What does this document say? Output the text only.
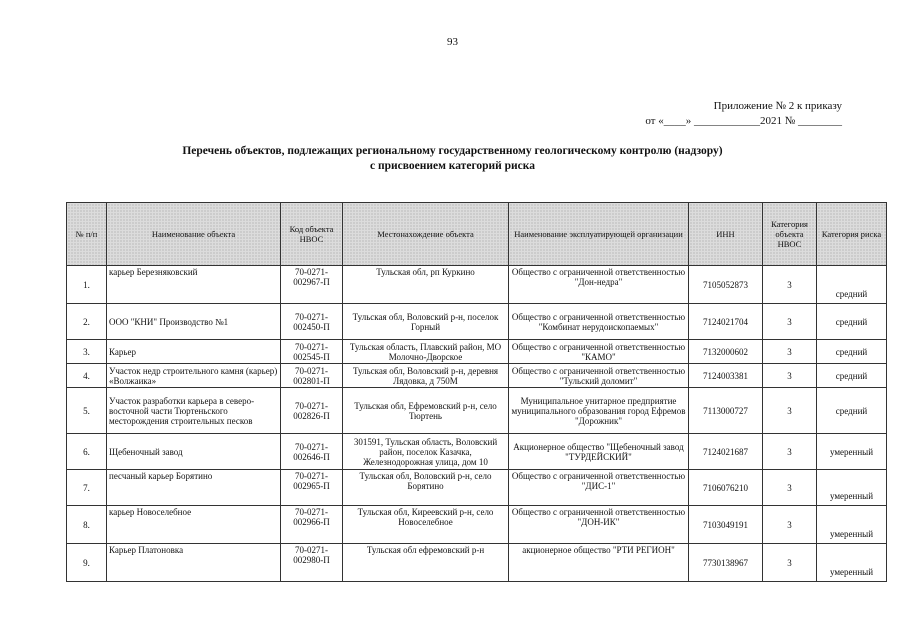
93
Приложение № 2 к приказу
от «____» ____________2021 № ________
Перечень объектов, подлежащих региональному государственному геологическому контролю (надзору)
с присвоением категорий риска
№ п/п	Наименование объекта	Код объекта НВОС	Местонахождение объекта	Наименование эксплуатирующей организации	ИНН	Категория объекта НВОС	Категория риска
1.	карьер Березняковский	70-0271-002967-П	Тульская обл, рп Куркино	Общество с ограниченной ответственностью "Дон-недра"	7105052873	3	средний
2.	ООО "КНИ" Производство №1	70-0271-002450-П	Тульская обл, Воловский р-н, поселок Горный	Общество с ограниченной ответственностью "Комбинат нерудоископаемых"	7124021704	3	средний
3.	Карьер	70-0271-002545-П	Тульская область, Плавский район, МО Молочно-Дворское	Общество с ограниченной ответственностью "КАМО"	7132000602	3	средний
4.	Участок недр строительного камня (карьер) «Волжаика»	70-0271-002801-П	Тульская обл, Воловский р-н, деревня Лядовка, д 750М	Общество с ограниченной ответственностью "Тульский доломит"	7124003381	3	средний
5.	Участок разработки карьера в северо-восточной части Тюртеньского месторождения строительных песков	70-0271-002826-П	Тульская обл, Ефремовский р-н, село Тюртень	Муниципальное унитарное предприятие муниципального образования город Ефремов "Дорожник"	7113000727	3	средний
6.	Щебеночный завод	70-0271-002646-П	301591, Тульская область, Воловский район, поселок Казачка, Железнодорожная улица, дом 10	Акционерное общество "Щебеночный завод "ТУРДЕЙСКИЙ"	7124021687	3	умеренный
7.	песчаный карьер Борятино	70-0271-002965-П	Тульская обл, Воловский р-н, село Борятино	Общество с ограниченной ответственностью "ДИС-1"	7106076210	3	умеренный
8.	карьер Новоселебное	70-0271-002966-П	Тульская обл, Киреевский р-н, село Новоселебное	Общество с ограниченной ответственностью "ДОН-ИК"	7103049191	3	умеренный
9.	Карьер Платоновка	70-0271-002980-П	Тульская обл ефремовский р-н	акционерное общество "РТИ РЕГИОН"	7730138967	3	умеренный
